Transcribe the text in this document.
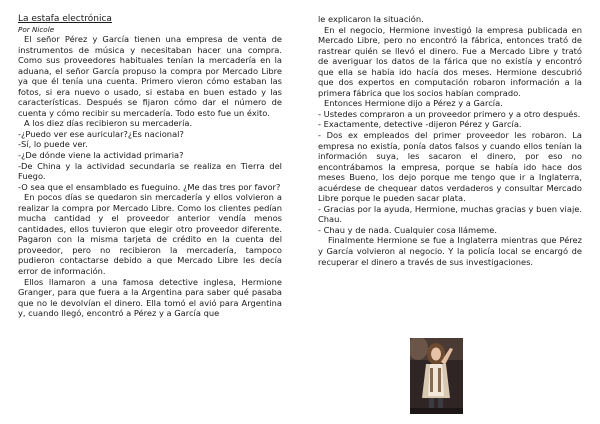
La estafa electrónica

Por Nicole

El señor Pérez y García tienen una empresa de venta de instrumentos de música y necesitaban hacer una compra. Como sus proveedores habituales tenían la mercadería en la aduana, el señor García propuso la compra por Mercado Libre ya que él tenía una cuenta. Primero vieron cómo estaban las fotos, si era nuevo o usado, si estaba en buen estado y las características. Después se fijaron cómo dar el número de cuenta y cómo recibir su mercadería. Todo esto fue un éxito.

A los diez días recibieron su mercadería.

-¿Puedo ver ese auricular?¿Es nacional?

-Sí, lo puede ver.

-¿De dónde viene la actividad primaria?

-De China y la actividad secundaria se realiza en Tierra del Fuego.

-O sea que el ensamblado es fueguino. ¿Me das tres por favor?

En pocos días se quedaron sin mercadería y ellos volvieron a realizar la compra por Mercado Libre. Como los clientes pedían mucha cantidad y el proveedor anterior vendía menos cantidades, ellos tuvieron que elegir otro proveedor diferente. Pagaron con la misma tarjeta de crédito en la cuenta del proveedor, pero no recibieron la mercadería, tampoco pudieron contactarse debido a que Mercado Libre les decía error de información.

Ellos llamaron a una famosa detective inglesa, Hermione Granger, para que fuera a la Argentina para saber qué pasaba que no le devolvían el dinero. Ella tomó el avió para Argentina y, cuando llegó, encontró a Pérez y a García que

le explicaron la situación.

En el negocio, Hermione investigó la empresa publicada en Mercado Libre, pero no encontró la fábrica, entonces trató de rastrear quién se llevó el dinero. Fue a Mercado Libre y trató de averiguar los datos de la fárica que no existía y encontró que ella se había ido hacía dos meses. Hermione descubrió que dos expertos en computación robaron información a la primera fábrica que los socios habían comprado.

Entonces Hermione dijo a Pérez y a García.

- Ustedes compraron a un proveedor primero y a otro después.

- Exactamente, detective -dijeron Pérez y García.

- Dos ex empleados del primer proveedor les robaron. La empresa no existía, ponía datos falsos y cuando ellos tenían la información suya, les sacaron el dinero, por eso no encontrábamos la empresa, porque se había ido hace dos meses Bueno, los dejo porque me tengo que ir a Inglaterra, acuérdese de chequear datos verdaderos y consultar Mercado Libre porque le pueden sacar plata.

- Gracias por la ayuda, Hermione, muchas gracias y buen viaje. Chau.

- Chau y de nada. Cualquier cosa llámeme.

Finalmente Hermione se fue a Inglaterra mientras que Pérez y García volvieron al negocio. Y la policía local se encargó de recuperar el dinero a través de sus investigaciones.
